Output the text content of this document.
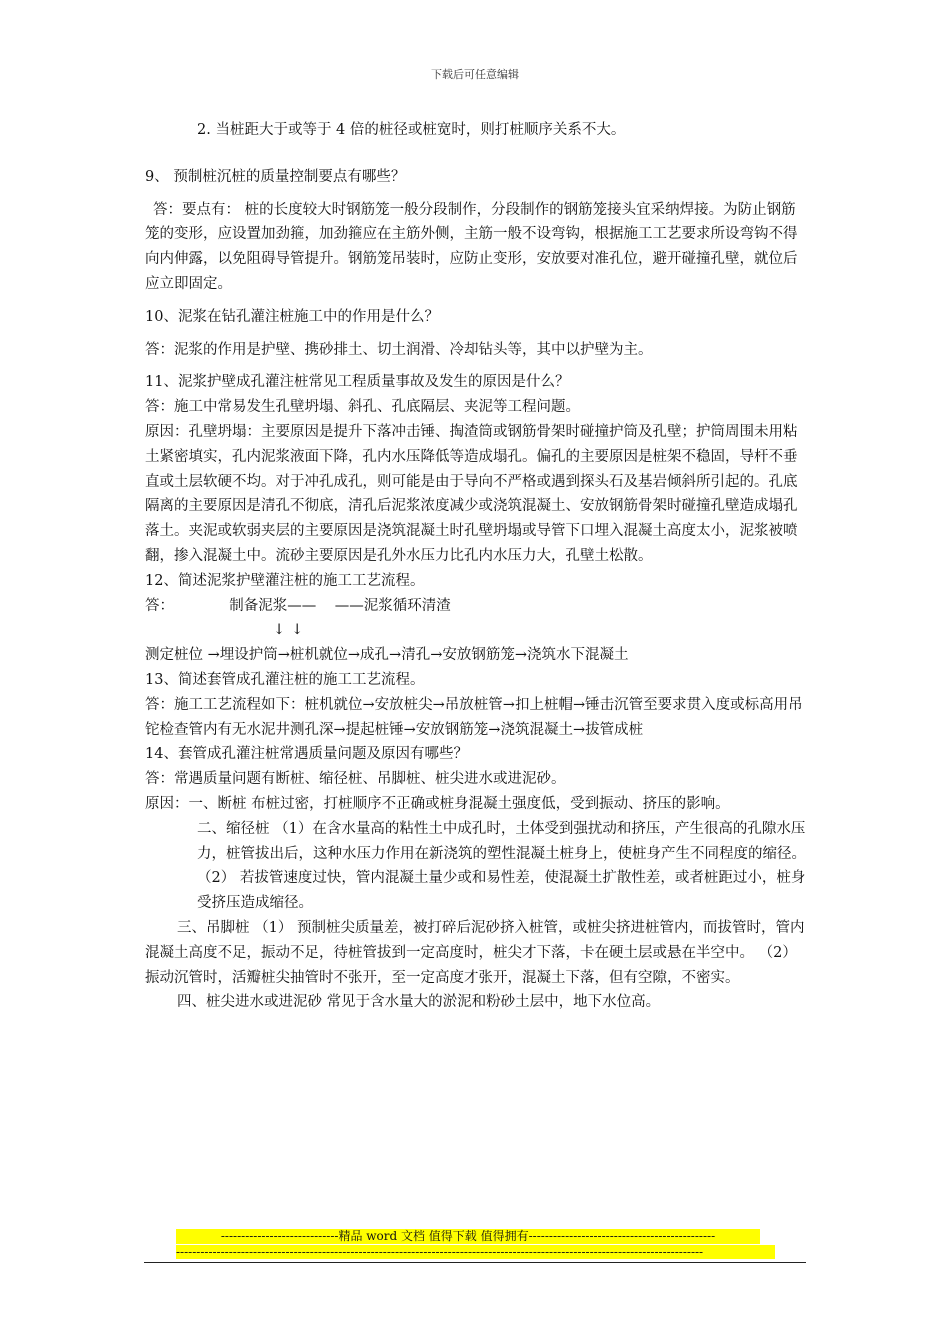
下载后可任意编辑
2. 当桩距大于或等于 4 倍的桩径或桩宽时，则打桩顺序关系不大。
9、 预制桩沉桩的质量控制要点有哪些？
答：要点有： 桩的长度较大时钢筋笼一般分段制作，分段制作的钢筋笼接头宜采纳焊接。为防止钢筋笼的变形，应设置加劲箍，加劲箍应在主筋外侧，主筋一般不设弯钩，根据施工工艺要求所设弯钩不得向内伸露，以免阻碍导管提升。钢筋笼吊装时，应防止变形，安放要对准孔位，避开碰撞孔壁，就位后应立即固定。
10、泥浆在钻孔灌注桩施工中的作用是什么？
答：泥浆的作用是护壁、携砂排土、切土润滑、冷却钻头等，其中以护壁为主。
11、泥浆护壁成孔灌注桩常见工程质量事故及发生的原因是什么？
答：施工中常易发生孔壁坍塌、斜孔、孔底隔层、夹泥等工程问题。
原因：孔壁坍塌：主要原因是提升下落冲击锤、掏渣筒或钢筋骨架时碰撞护筒及孔壁；护筒周围未用粘土紧密填实，孔内泥浆液面下降，孔内水压降低等造成塌孔。偏孔的主要原因是桩架不稳固，导杆不垂直或土层软硬不均。对于冲孔成孔，则可能是由于导向不严格或遇到探头石及基岩倾斜所引起的。孔底隔离的主要原因是清孔不彻底，清孔后泥浆浓度减少或浇筑混凝土、安放钢筋骨架时碰撞孔壁造成塌孔落土。夹泥或软弱夹层的主要原因是浇筑混凝土时孔壁坍塌或导管下口埋入混凝土高度太小，泥浆被喷翻，掺入混凝土中。流砂主要原因是孔外水压力比孔内水压力大，孔壁土松散。
12、简述泥浆护壁灌注桩的施工工艺流程。
答：            制备泥浆——    ——泥浆循环清渣
↓↓
测定桩位 →埋设护筒→桩机就位→成孔→清孔→安放钢筋笼→浇筑水下混凝土
13、简述套管成孔灌注桩的施工工艺流程。
答：施工工艺流程如下：桩机就位→安放桩尖→吊放桩管→扣上桩帽→锤击沉管至要求贯入度或标高用吊铊检查管内有无水泥井测孔深→提起桩锤→安放钢筋笼→浇筑混凝土→拔管成桩
14、套管成孔灌注桩常遇质量问题及原因有哪些？
答：常遇质量问题有断桩、缩径桩、吊脚桩、桩尖进水或进泥砂。
原因：一、断桩 布桩过密，打桩顺序不正确或桩身混凝土强度低，受到振动、挤压的影响。
二、缩径桩 （1）在含水量高的粘性土中成孔时，土体受到强扰动和挤压，产生很高的孔隙水压力，桩管拔出后，这种水压力作用在新浇筑的塑性混凝土桩身上，使桩身产生不同程度的缩径。 （2） 若拔管速度过快，管内混凝土量少或和易性差，使混凝土扩散性差，或者桩距过小，桩身受挤压造成缩径。
三、吊脚桩 （1） 预制桩尖质量差，被打碎后泥砂挤入桩管，或桩尖挤进桩管内，而拔管时，管内混凝土高度不足，振动不足，待桩管拔到一定高度时，桩尖才下落，卡在硬土层或悬在半空中。 （2） 振动沉管时，活瓣桩尖抽管时不张开，至一定高度才张开，混凝土下落，但有空隙，不密实。
四、桩尖进水或进泥砂 常见于含水量大的淤泥和粉砂土层中，地下水位高。
-----------------------------精品 word 文档 值得下载 值得拥有----------------------------------------------
----------------------------------------------------------------------------------------------------------------------------------
